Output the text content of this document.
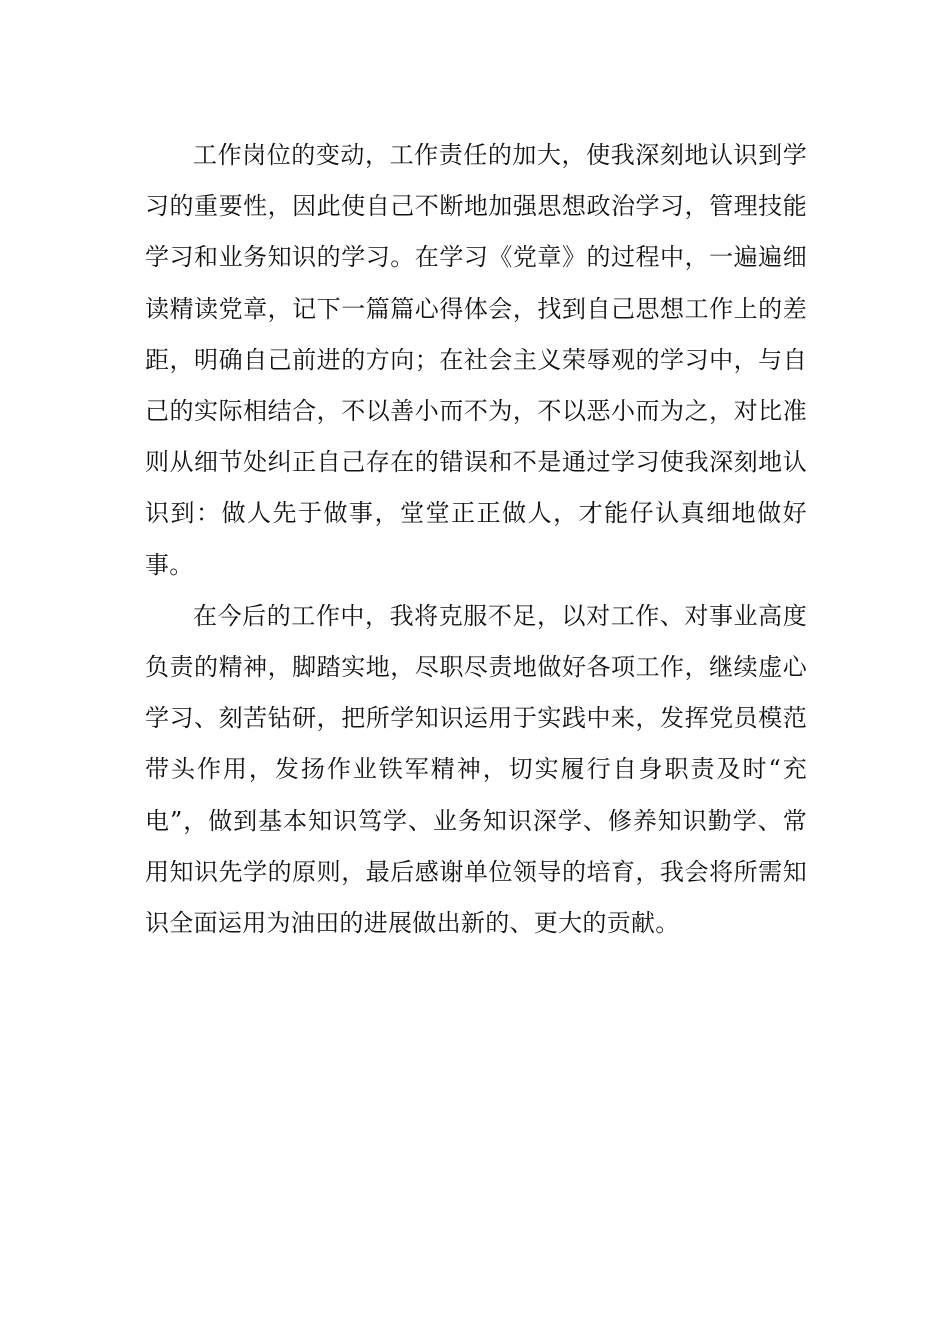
工作岗位的变动，工作责任的加大，使我深刻地认识到学习的重要性，因此使自己不断地加强思想政治学习，管理技能学习和业务知识的学习。在学习《党章》的过程中，一遍遍细读精读党章，记下一篇篇心得体会，找到自己思想工作上的差距，明确自己前进的方向；在社会主义荣辱观的学习中，与自己的实际相结合，不以善小而不为，不以恶小而为之，对比准则从细节处纠正自己存在的错误和不是通过学习使我深刻地认识到：做人先于做事，堂堂正正做人，才能仔认真细地做好事。

在今后的工作中，我将克服不足，以对工作、对事业高度负责的精神，脚踏实地，尽职尽责地做好各项工作，继续虚心学习、刻苦钻研，把所学知识运用于实践中来，发挥党员模范带头作用，发扬作业铁军精神，切实履行自身职责及时“充电”，做到基本知识笃学、业务知识深学、修养知识勤学、常用知识先学的原则，最后感谢单位领导的培育，我会将所需知识全面运用为油田的进展做出新的、更大的贡献。
